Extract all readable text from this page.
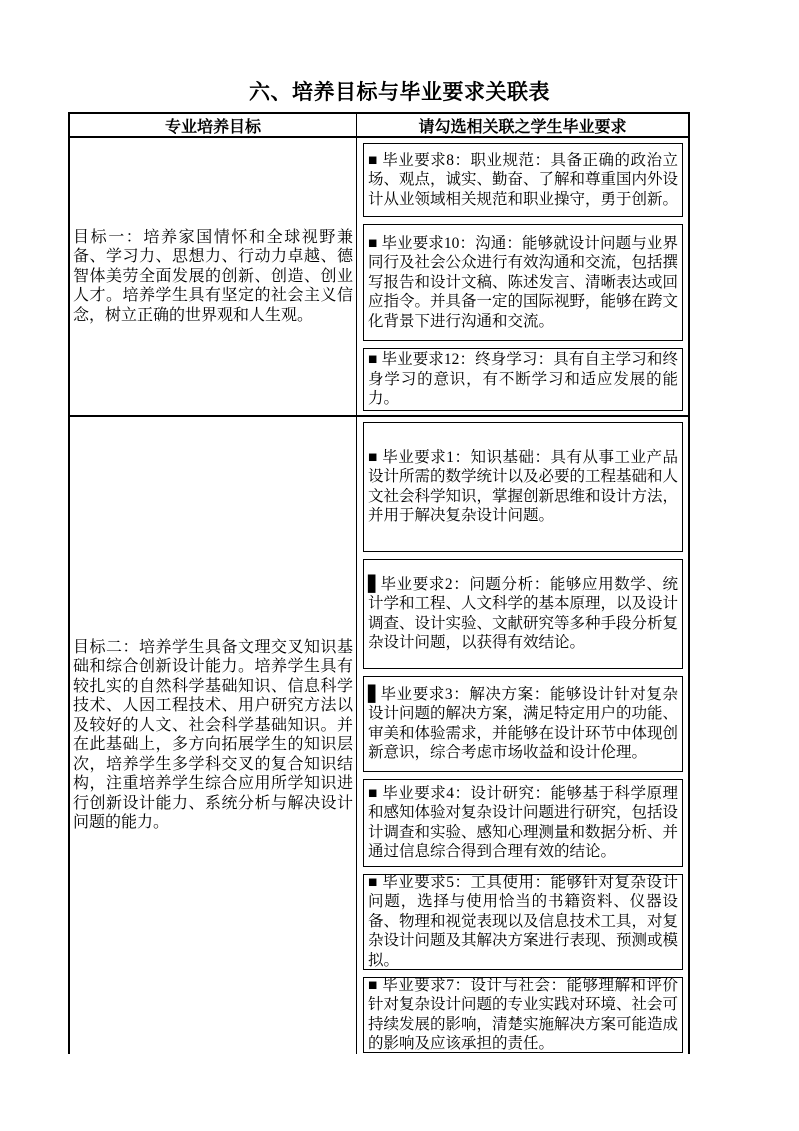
六、培养目标与毕业要求关联表
专业培养目标	请勾选相关联之学生毕业要求
目标一：培养家国情怀和全球视野兼备、学习力、思想力、行动力卓越、德智体美劳全面发展的创新、创造、创业人才。培养学生具有坚定的社会主义信念，树立正确的世界观和人生观。
■ 毕业要求8：职业规范：具备正确的政治立场、观点，诚实、勤奋、了解和尊重国内外设计从业领域相关规范和职业操守，勇于创新。
■ 毕业要求10：沟通：能够就设计问题与业界同行及社会公众进行有效沟通和交流，包括撰写报告和设计文稿、陈述发言、清晰表达或回应指令。并具备一定的国际视野，能够在跨文化背景下进行沟通和交流。
■ 毕业要求12：终身学习：具有自主学习和终身学习的意识，有不断学习和适应发展的能力。
目标二：培养学生具备文理交叉知识基础和综合创新设计能力。培养学生具有较扎实的自然科学基础知识、信息科学技术、人因工程技术、用户研究方法以及较好的人文、社会科学基础知识。并在此基础上，多方向拓展学生的知识层次，培养学生多学科交叉的复合知识结构，注重培养学生综合应用所学知识进行创新设计能力、系统分析与解决设计问题的能力。
■ 毕业要求1：知识基础：具有从事工业产品设计所需的数学统计以及必要的工程基础和人文社会科学知识，掌握创新思维和设计方法，并用于解决复杂设计问题。
▋毕业要求2：问题分析：能够应用数学、统计学和工程、人文科学的基本原理，以及设计调查、设计实验、文献研究等多种手段分析复杂设计问题，以获得有效结论。
▋毕业要求3：解决方案：能够设计针对复杂设计问题的解决方案，满足特定用户的功能、审美和体验需求，并能够在设计环节中体现创新意识，综合考虑市场收益和设计伦理。
■ 毕业要求4：设计研究：能够基于科学原理和感知体验对复杂设计问题进行研究，包括设计调查和实验、感知心理测量和数据分析、并通过信息综合得到合理有效的结论。
■ 毕业要求5：工具使用：能够针对复杂设计问题，选择与使用恰当的书籍资料、仪器设备、物理和视觉表现以及信息技术工具，对复杂设计问题及其解决方案进行表现、预测或模拟。
■ 毕业要求7：设计与社会：能够理解和评价针对复杂设计问题的专业实践对环境、社会可持续发展的影响，清楚实施解决方案可能造成的影响及应该承担的责任。
